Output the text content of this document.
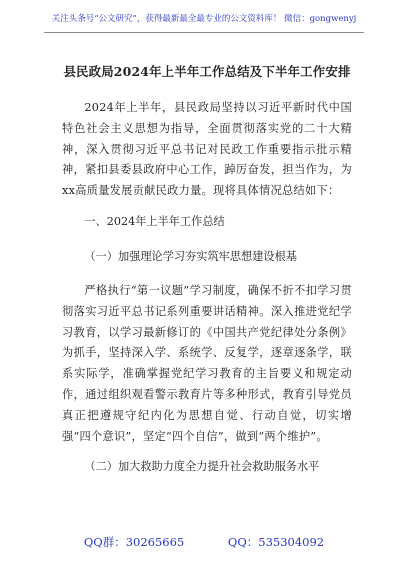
关注头条号“公文研究”，获得最新最全最专业的公文资料库！ 微信：gongwenyj
县民政局2024年上半年工作总结及下半年工作安排

2024年上半年，县民政局坚持以习近平新时代中国特色社会主义思想为指导，全面贯彻落实党的二十大精神，深入贯彻习近平总书记对民政工作重要指示批示精神，紧扣县委县政府中心工作，踔厉奋发，担当作为，为xx高质量发展贡献民政力量。现将具体情况总结如下：

一、2024年上半年工作总结

（一）加强理论学习夯实筑牢思想建设根基

严格执行“第一议题”学习制度，确保不折不扣学习贯彻落实习近平总书记系列重要讲话精神。深入推进党纪学习教育，以学习最新修订的《中国共产党纪律处分条例》为抓手，坚持深入学、系统学、反复学，逐章逐条学，联系实际学，准确掌握党纪学习教育的主旨要义和规定动作，通过组织观看警示教育片等多种形式，教育引导党员真正把遵规守纪内化为思想自觉、行动自觉，切实增强“四个意识”，坚定“四个自信”，做到“两个维护”。

（二）加大救助力度全力提升社会救助服务水平

QQ群：30265665	QQ：535304092
